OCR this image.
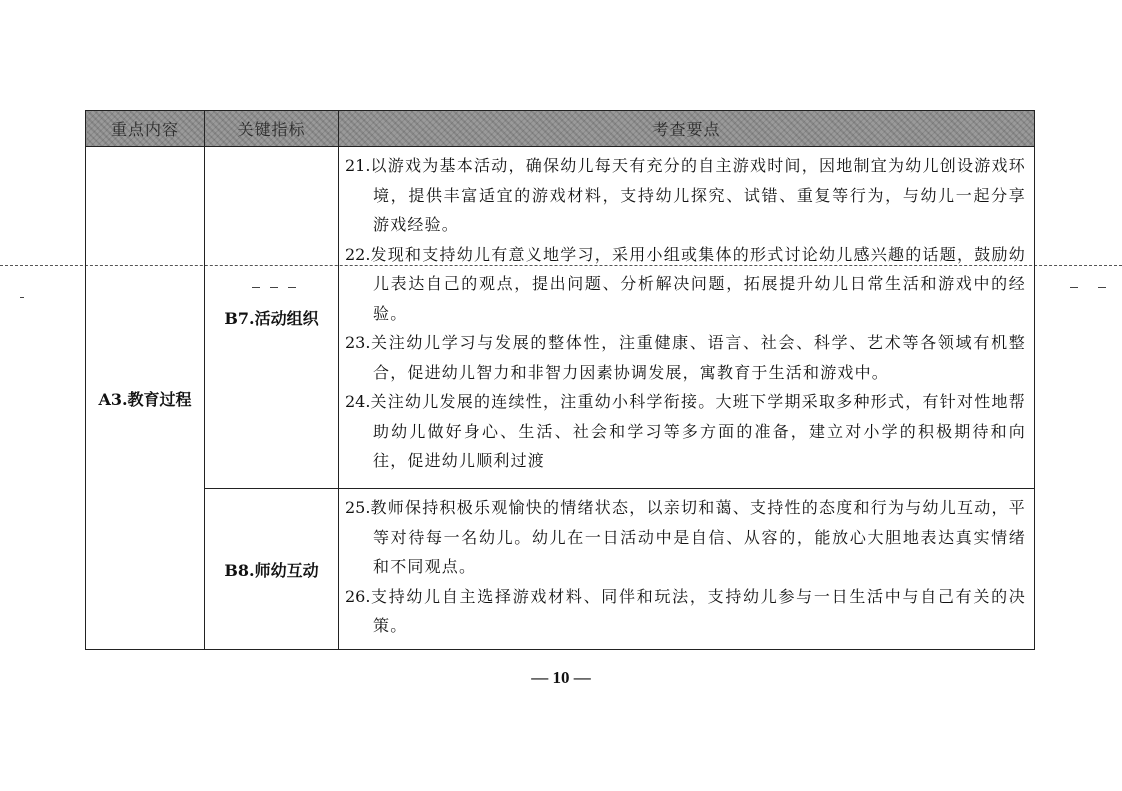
重点内容	关键指标	考查要点
A3.教育过程	B7.活动组织	21.以游戏为基本活动，确保幼儿每天有充分的自主游戏时间，因地制宜为幼儿创设游戏环境，提供丰富适宜的游戏材料，支持幼儿探究、试错、重复等行为，与幼儿一起分享游戏经验。
22.发现和支持幼儿有意义地学习，采用小组或集体的形式讨论幼儿感兴趣的话题，鼓励幼儿表达自己的观点，提出问题、分析解决问题，拓展提升幼儿日常生活和游戏中的经验。
23.关注幼儿学习与发展的整体性，注重健康、语言、社会、科学、艺术等各领域有机整合，促进幼儿智力和非智力因素协调发展，寓教育于生活和游戏中。
24.关注幼儿发展的连续性，注重幼小科学衔接。大班下学期采取多种形式，有针对性地帮助幼儿做好身心、生活、社会和学习等多方面的准备，建立对小学的积极期待和向往，促进幼儿顺利过渡

	B8.师幼互动	25.教师保持积极乐观愉快的情绪状态，以亲切和蔼、支持性的态度和行为与幼儿互动，平等对待每一名幼儿。幼儿在一日活动中是自信、从容的，能放心大胆地表达真实情绪和不同观点。
26.支持幼儿自主选择游戏材料、同伴和玩法，支持幼儿参与一日生活中与自己有关的决策。
— 10 —
